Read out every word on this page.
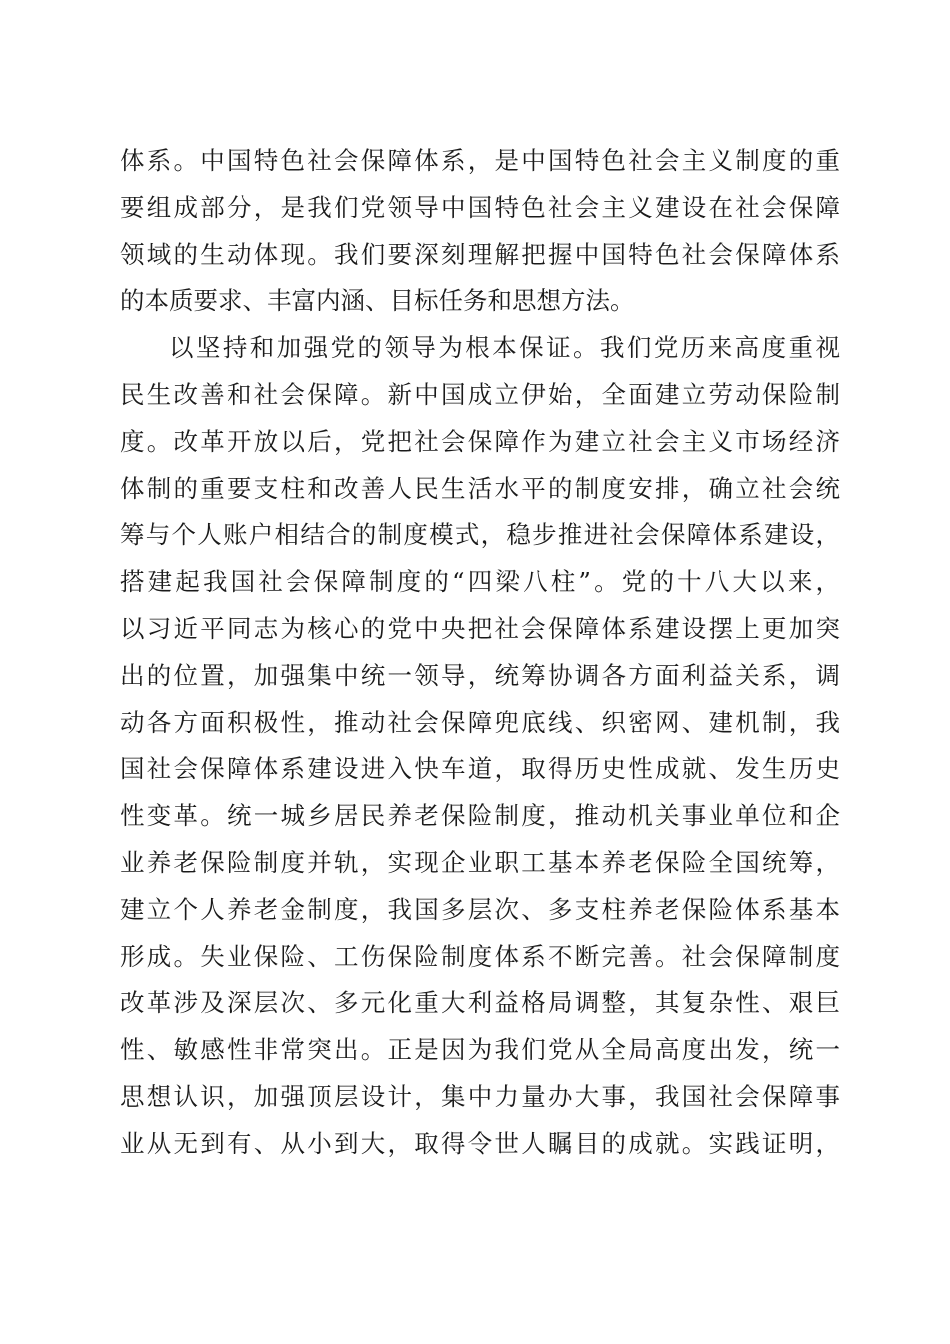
体系。中国特色社会保障体系，是中国特色社会主义制度的重
要组成部分，是我们党领导中国特色社会主义建设在社会保障
领域的生动体现。我们要深刻理解把握中国特色社会保障体系
的本质要求、丰富内涵、目标任务和思想方法。
以坚持和加强党的领导为根本保证。我们党历来高度重视
民生改善和社会保障。新中国成立伊始，全面建立劳动保险制
度。改革开放以后，党把社会保障作为建立社会主义市场经济
体制的重要支柱和改善人民生活水平的制度安排，确立社会统
筹与个人账户相结合的制度模式，稳步推进社会保障体系建设，
搭建起我国社会保障制度的“四梁八柱”。党的十八大以来，
以习近平同志为核心的党中央把社会保障体系建设摆上更加突
出的位置，加强集中统一领导，统筹协调各方面利益关系，调
动各方面积极性，推动社会保障兜底线、织密网、建机制，我
国社会保障体系建设进入快车道，取得历史性成就、发生历史
性变革。统一城乡居民养老保险制度，推动机关事业单位和企
业养老保险制度并轨，实现企业职工基本养老保险全国统筹，
建立个人养老金制度，我国多层次、多支柱养老保险体系基本
形成。失业保险、工伤保险制度体系不断完善。社会保障制度
改革涉及深层次、多元化重大利益格局调整，其复杂性、艰巨
性、敏感性非常突出。正是因为我们党从全局高度出发，统一
思想认识，加强顶层设计，集中力量办大事，我国社会保障事
业从无到有、从小到大，取得令世人瞩目的成就。实践证明，
